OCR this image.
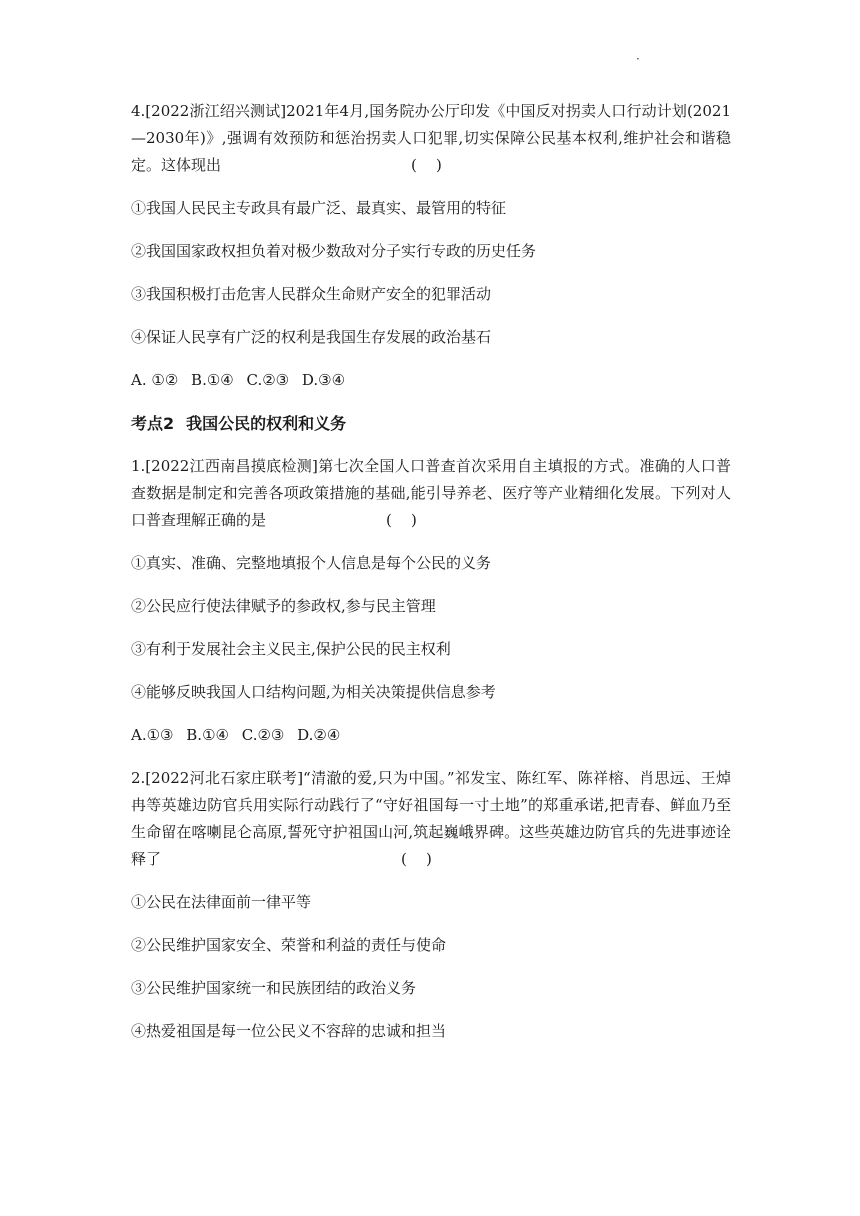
·

4.[2022浙江绍兴测试]2021年4月,国务院办公厅印发《中国反对拐卖人口行动计划(2021—2030年)》,强调有效预防和惩治拐卖人口犯罪,切实保障公民基本权利,维护社会和谐稳定。这体现出	(    )

①我国人民民主专政具有最广泛、最真实、最管用的特征

②我国国家政权担负着对极少数敌对分子实行专政的历史任务

③我国积极打击危害人民群众生命财产安全的犯罪活动

④保证人民享有广泛的权利是我国生存发展的政治基石

A. ①② B.①④ C.②③ D.③④

考点2 我国公民的权利和义务

1.[2022江西南昌摸底检测]第七次全国人口普查首次采用自主填报的方式。准确的人口普查数据是制定和完善各项政策措施的基础,能引导养老、医疗等产业精细化发展。下列对人口普查理解正确的是	(    )

①真实、准确、完整地填报个人信息是每个公民的义务

②公民应行使法律赋予的参政权,参与民主管理

③有利于发展社会主义民主,保护公民的民主权利

④能够反映我国人口结构问题,为相关决策提供信息参考

A.①③ B.①④ C.②③ D.②④

2.[2022河北石家庄联考]“清澈的爱,只为中国。”祁发宝、陈红军、陈祥榕、肖思远、王焯冉等英雄边防官兵用实际行动践行了“守好祖国每一寸土地”的郑重承诺,把青春、鲜血乃至生命留在喀喇昆仑高原,誓死守护祖国山河,筑起巍峨界碑。这些英雄边防官兵的先进事迹诠释了	(    )

①公民在法律面前一律平等

②公民维护国家安全、荣誉和利益的责任与使命

③公民维护国家统一和民族团结的政治义务

④热爱祖国是每一位公民义不容辞的忠诚和担当
